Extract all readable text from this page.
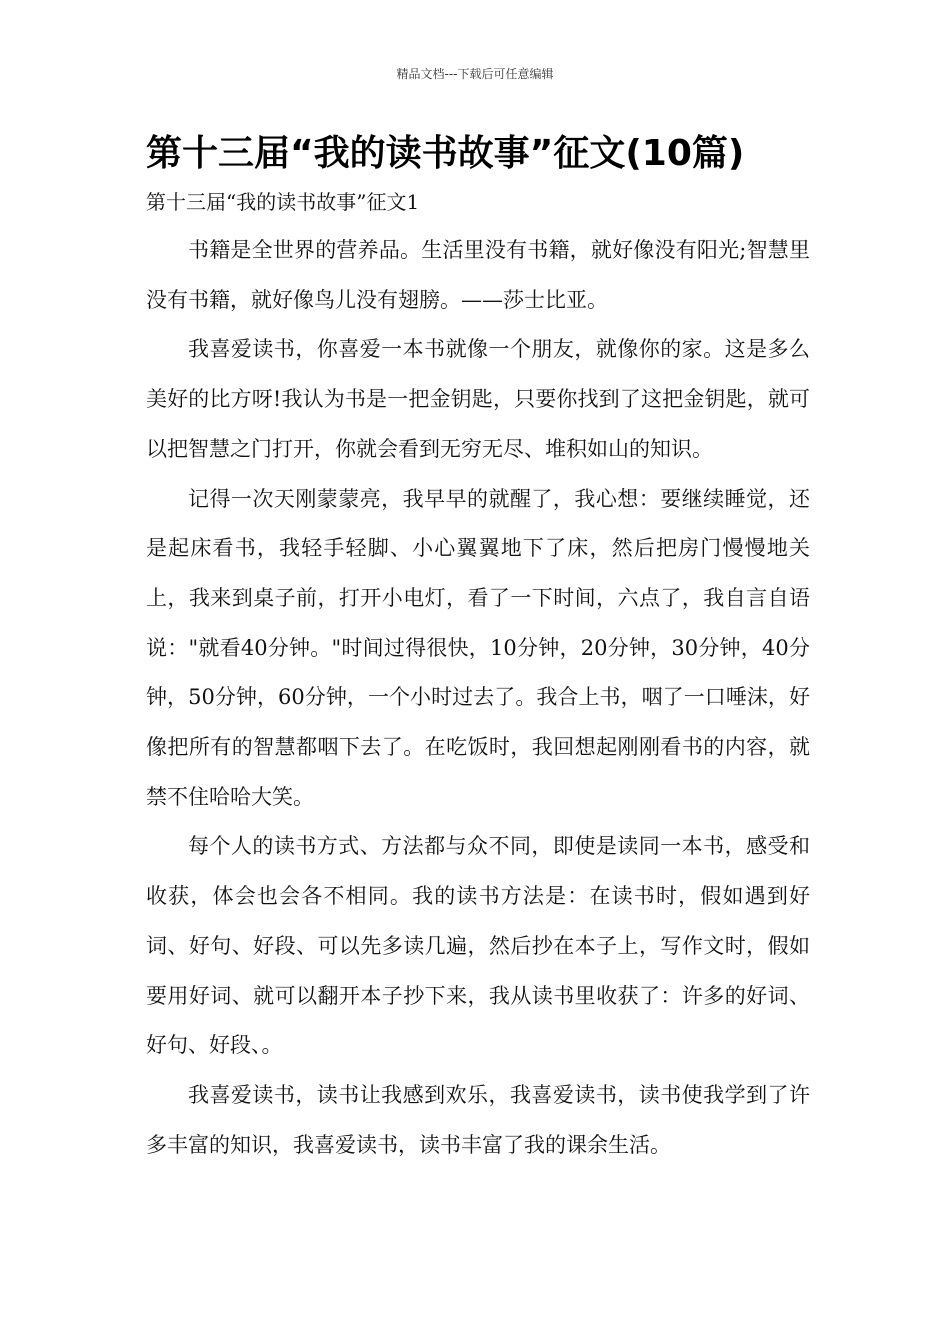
精品文档---下载后可任意编辑
第十三届“我的读书故事”征文(10篇)
第十三届“我的读书故事”征文1

书籍是全世界的营养品。生活里没有书籍，就好像没有阳光;智慧里没有书籍，就好像鸟儿没有翅膀。——莎士比亚。

我喜爱读书，你喜爱一本书就像一个朋友，就像你的家。这是多么美好的比方呀!我认为书是一把金钥匙，只要你找到了这把金钥匙，就可以把智慧之门打开，你就会看到无穷无尽、堆积如山的知识。

记得一次天刚蒙蒙亮，我早早的就醒了，我心想：要继续睡觉，还是起床看书，我轻手轻脚、小心翼翼地下了床，然后把房门慢慢地关上，我来到桌子前，打开小电灯，看了一下时间，六点了，我自言自语说："就看40分钟。"时间过得很快，10分钟，20分钟，30分钟，40分钟，50分钟，60分钟，一个小时过去了。我合上书，咽了一口唾沫，好像把所有的智慧都咽下去了。在吃饭时，我回想起刚刚看书的内容，就禁不住哈哈大笑。

每个人的读书方式、方法都与众不同，即使是读同一本书，感受和收获，体会也会各不相同。我的读书方法是：在读书时，假如遇到好词、好句、好段、可以先多读几遍，然后抄在本子上，写作文时，假如要用好词、就可以翻开本子抄下来，我从读书里收获了：许多的好词、好句、好段、。

我喜爱读书，读书让我感到欢乐，我喜爱读书，读书使我学到了许多丰富的知识，我喜爱读书，读书丰富了我的课余生活。
